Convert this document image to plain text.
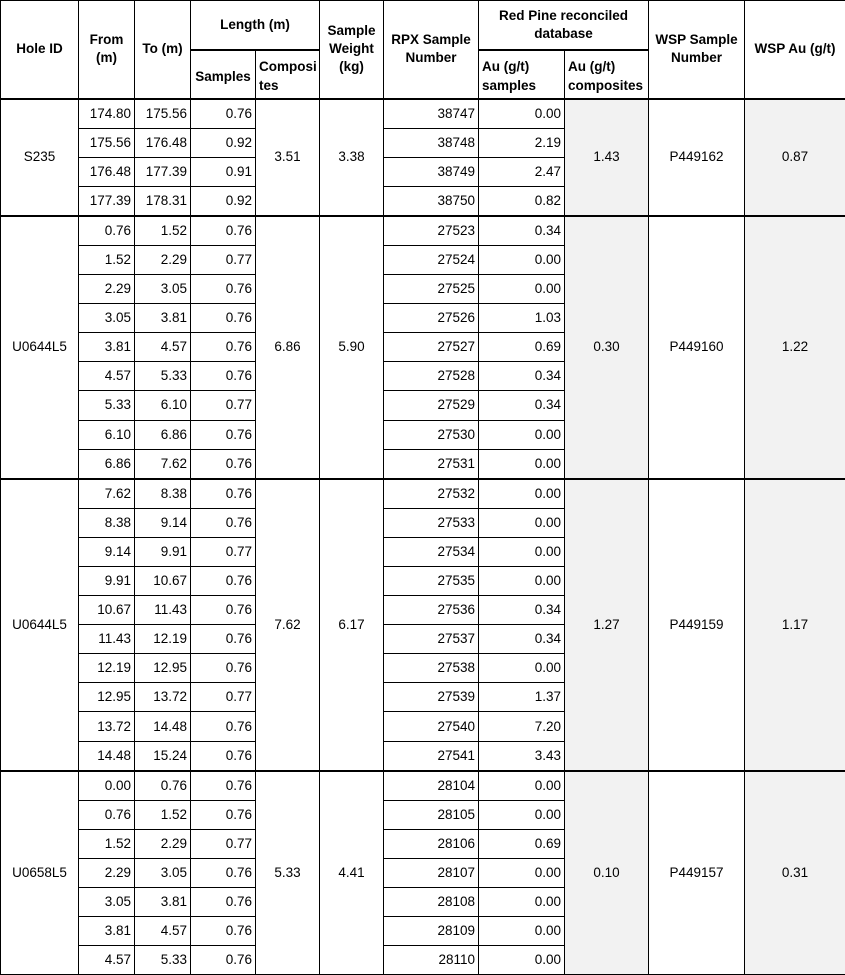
Hole ID	From (m)	To (m)	Length (m)		Sample Weight (kg)	RPX Sample Number	Red Pine reconciled database		WSP Sample Number	WSP Au (g/t)
			Samples	Composi tes			Au (g/t) samples	Au (g/t) composites		
S235	174.80	175.56	0.76	3.51	3.38	38747	0.00	1.43	P449162	0.87
	175.56	176.48	0.92			38748	2.19			
	176.48	177.39	0.91			38749	2.47			
	177.39	178.31	0.92			38750	0.82			
U0644L5	0.76	1.52	0.76	6.86	5.90	27523	0.34	0.30	P449160	1.22
	1.52	2.29	0.77			27524	0.00			
	2.29	3.05	0.76			27525	0.00			
	3.05	3.81	0.76			27526	1.03			
	3.81	4.57	0.76			27527	0.69			
	4.57	5.33	0.76			27528	0.34			
	5.33	6.10	0.77			27529	0.34			
	6.10	6.86	0.76			27530	0.00			
	6.86	7.62	0.76			27531	0.00			
U0644L5	7.62	8.38	0.76	7.62	6.17	27532	0.00	1.27	P449159	1.17
	8.38	9.14	0.76			27533	0.00			
	9.14	9.91	0.77			27534	0.00			
	9.91	10.67	0.76			27535	0.00			
	10.67	11.43	0.76			27536	0.34			
	11.43	12.19	0.76			27537	0.34			
	12.19	12.95	0.76			27538	0.00			
	12.95	13.72	0.77			27539	1.37			
	13.72	14.48	0.76			27540	7.20			
	14.48	15.24	0.76			27541	3.43			
U0658L5	0.00	0.76	0.76	5.33	4.41	28104	0.00	0.10	P449157	0.31
	0.76	1.52	0.76			28105	0.00			
	1.52	2.29	0.77			28106	0.69			
	2.29	3.05	0.76			28107	0.00			
	3.05	3.81	0.76			28108	0.00			
	3.81	4.57	0.76			28109	0.00			
	4.57	5.33	0.76			28110	0.00			
